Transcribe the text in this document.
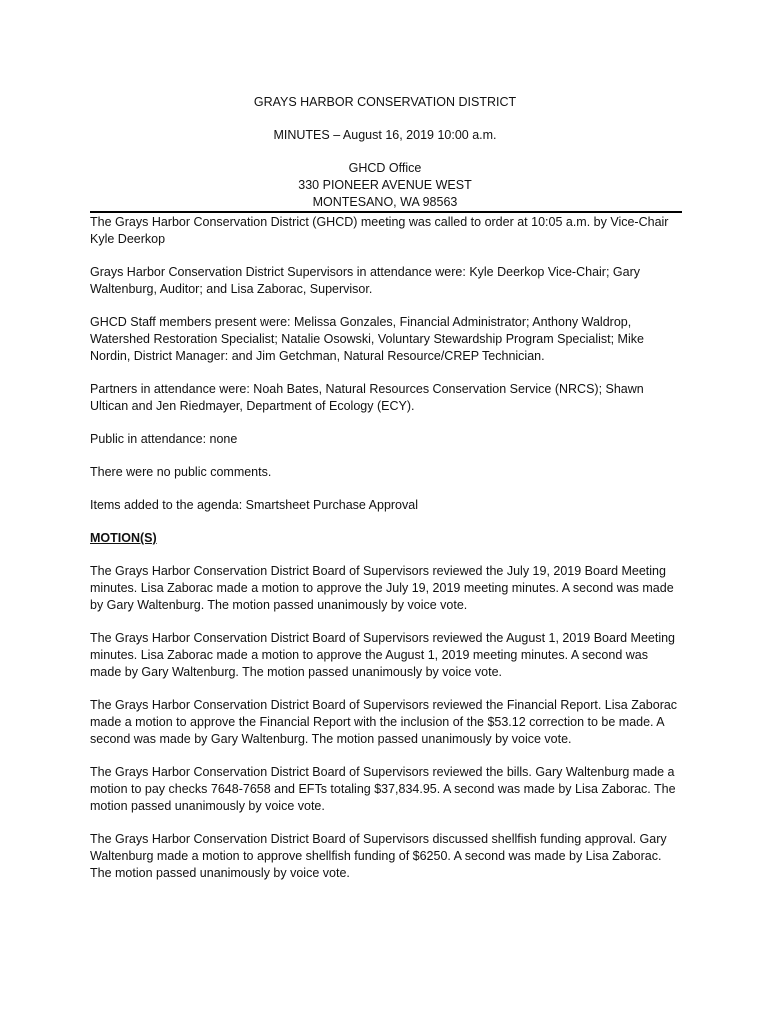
GRAYS HARBOR CONSERVATION DISTRICT
MINUTES – August 16, 2019 10:00 a.m.
GHCD Office
330 PIONEER AVENUE WEST
MONTESANO, WA 98563

The Grays Harbor Conservation District (GHCD) meeting was called to order at 10:05 a.m. by Vice-Chair Kyle Deerkop

Grays Harbor Conservation District Supervisors in attendance were: Kyle Deerkop Vice-Chair; Gary Waltenburg, Auditor; and Lisa Zaborac, Supervisor.

GHCD Staff members present were: Melissa Gonzales, Financial Administrator; Anthony Waldrop, Watershed Restoration Specialist; Natalie Osowski, Voluntary Stewardship Program Specialist; Mike Nordin, District Manager: and Jim Getchman, Natural Resource/CREP Technician.

Partners in attendance were: Noah Bates, Natural Resources Conservation Service (NRCS); Shawn Ultican and Jen Riedmayer, Department of Ecology (ECY).

Public in attendance: none

There were no public comments.

Items added to the agenda: Smartsheet Purchase Approval

MOTION(S)

The Grays Harbor Conservation District Board of Supervisors reviewed the July 19, 2019 Board Meeting minutes. Lisa Zaborac made a motion to approve the July 19, 2019 meeting minutes. A second was made by Gary Waltenburg. The motion passed unanimously by voice vote.

The Grays Harbor Conservation District Board of Supervisors reviewed the August 1, 2019 Board Meeting minutes. Lisa Zaborac made a motion to approve the August 1, 2019 meeting minutes. A second was made by Gary Waltenburg. The motion passed unanimously by voice vote.

The Grays Harbor Conservation District Board of Supervisors reviewed the Financial Report. Lisa Zaborac made a motion to approve the Financial Report with the inclusion of the $53.12 correction to be made. A second was made by Gary Waltenburg. The motion passed unanimously by voice vote.

The Grays Harbor Conservation District Board of Supervisors reviewed the bills. Gary Waltenburg made a motion to pay checks 7648-7658 and EFTs totaling $37,834.95. A second was made by Lisa Zaborac. The motion passed unanimously by voice vote.

The Grays Harbor Conservation District Board of Supervisors discussed shellfish funding approval. Gary Waltenburg made a motion to approve shellfish funding of $6250. A second was made by Lisa Zaborac. The motion passed unanimously by voice vote.
